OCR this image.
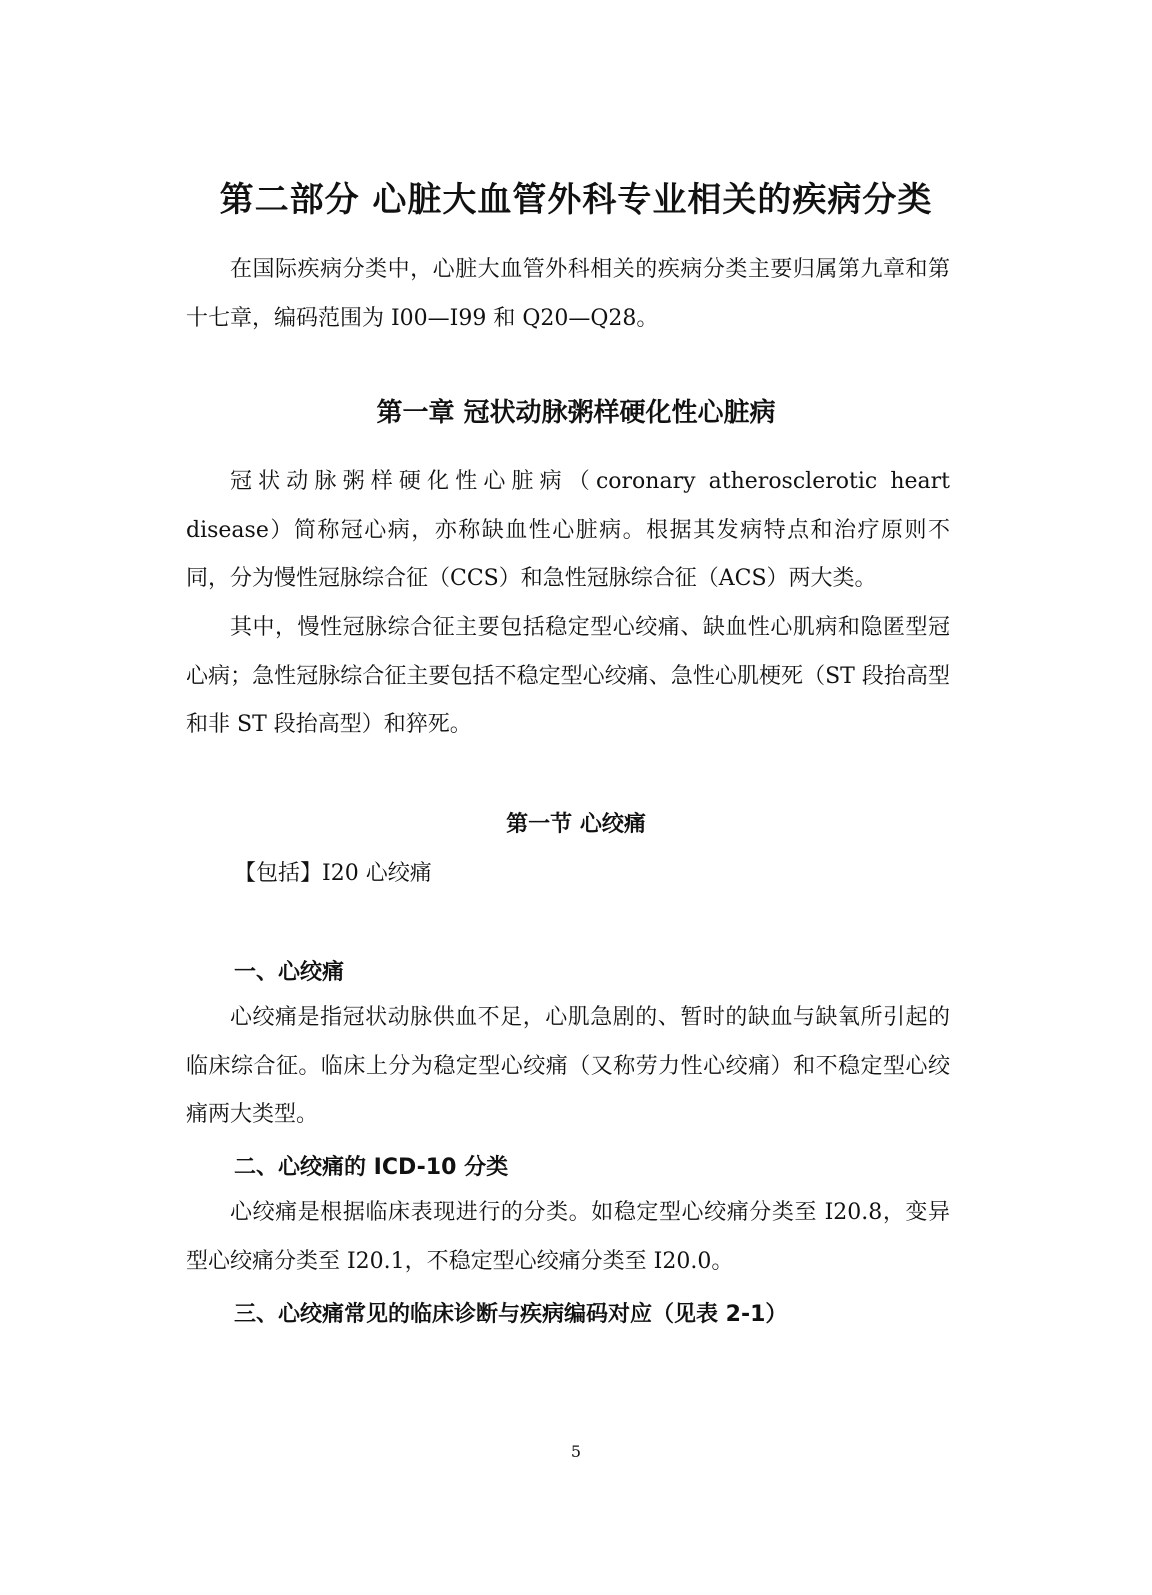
第二部分 心脏大血管外科专业相关的疾病分类

在国际疾病分类中，心脏大血管外科相关的疾病分类主要归属第九章和第十七章，编码范围为 I00—I99 和 Q20—Q28。

第一章 冠状动脉粥样硬化性心脏病

冠状动脉粥样硬化性心脏病（coronary atherosclerotic heart disease）简称冠心病，亦称缺血性心脏病。根据其发病特点和治疗原则不同，分为慢性冠脉综合征（CCS）和急性冠脉综合征（ACS）两大类。

其中，慢性冠脉综合征主要包括稳定型心绞痛、缺血性心肌病和隐匿型冠心病；急性冠脉综合征主要包括不稳定型心绞痛、急性心肌梗死（ST 段抬高型和非 ST 段抬高型）和猝死。

第一节 心绞痛
【包括】I20 心绞痛

一、心绞痛

心绞痛是指冠状动脉供血不足，心肌急剧的、暂时的缺血与缺氧所引起的临床综合征。临床上分为稳定型心绞痛（又称劳力性心绞痛）和不稳定型心绞痛两大类型。

二、心绞痛的 ICD-10 分类

心绞痛是根据临床表现进行的分类。如稳定型心绞痛分类至 I20.8，变异型心绞痛分类至 I20.1，不稳定型心绞痛分类至 I20.0。

三、心绞痛常见的临床诊断与疾病编码对应（见表 2-1）

5
